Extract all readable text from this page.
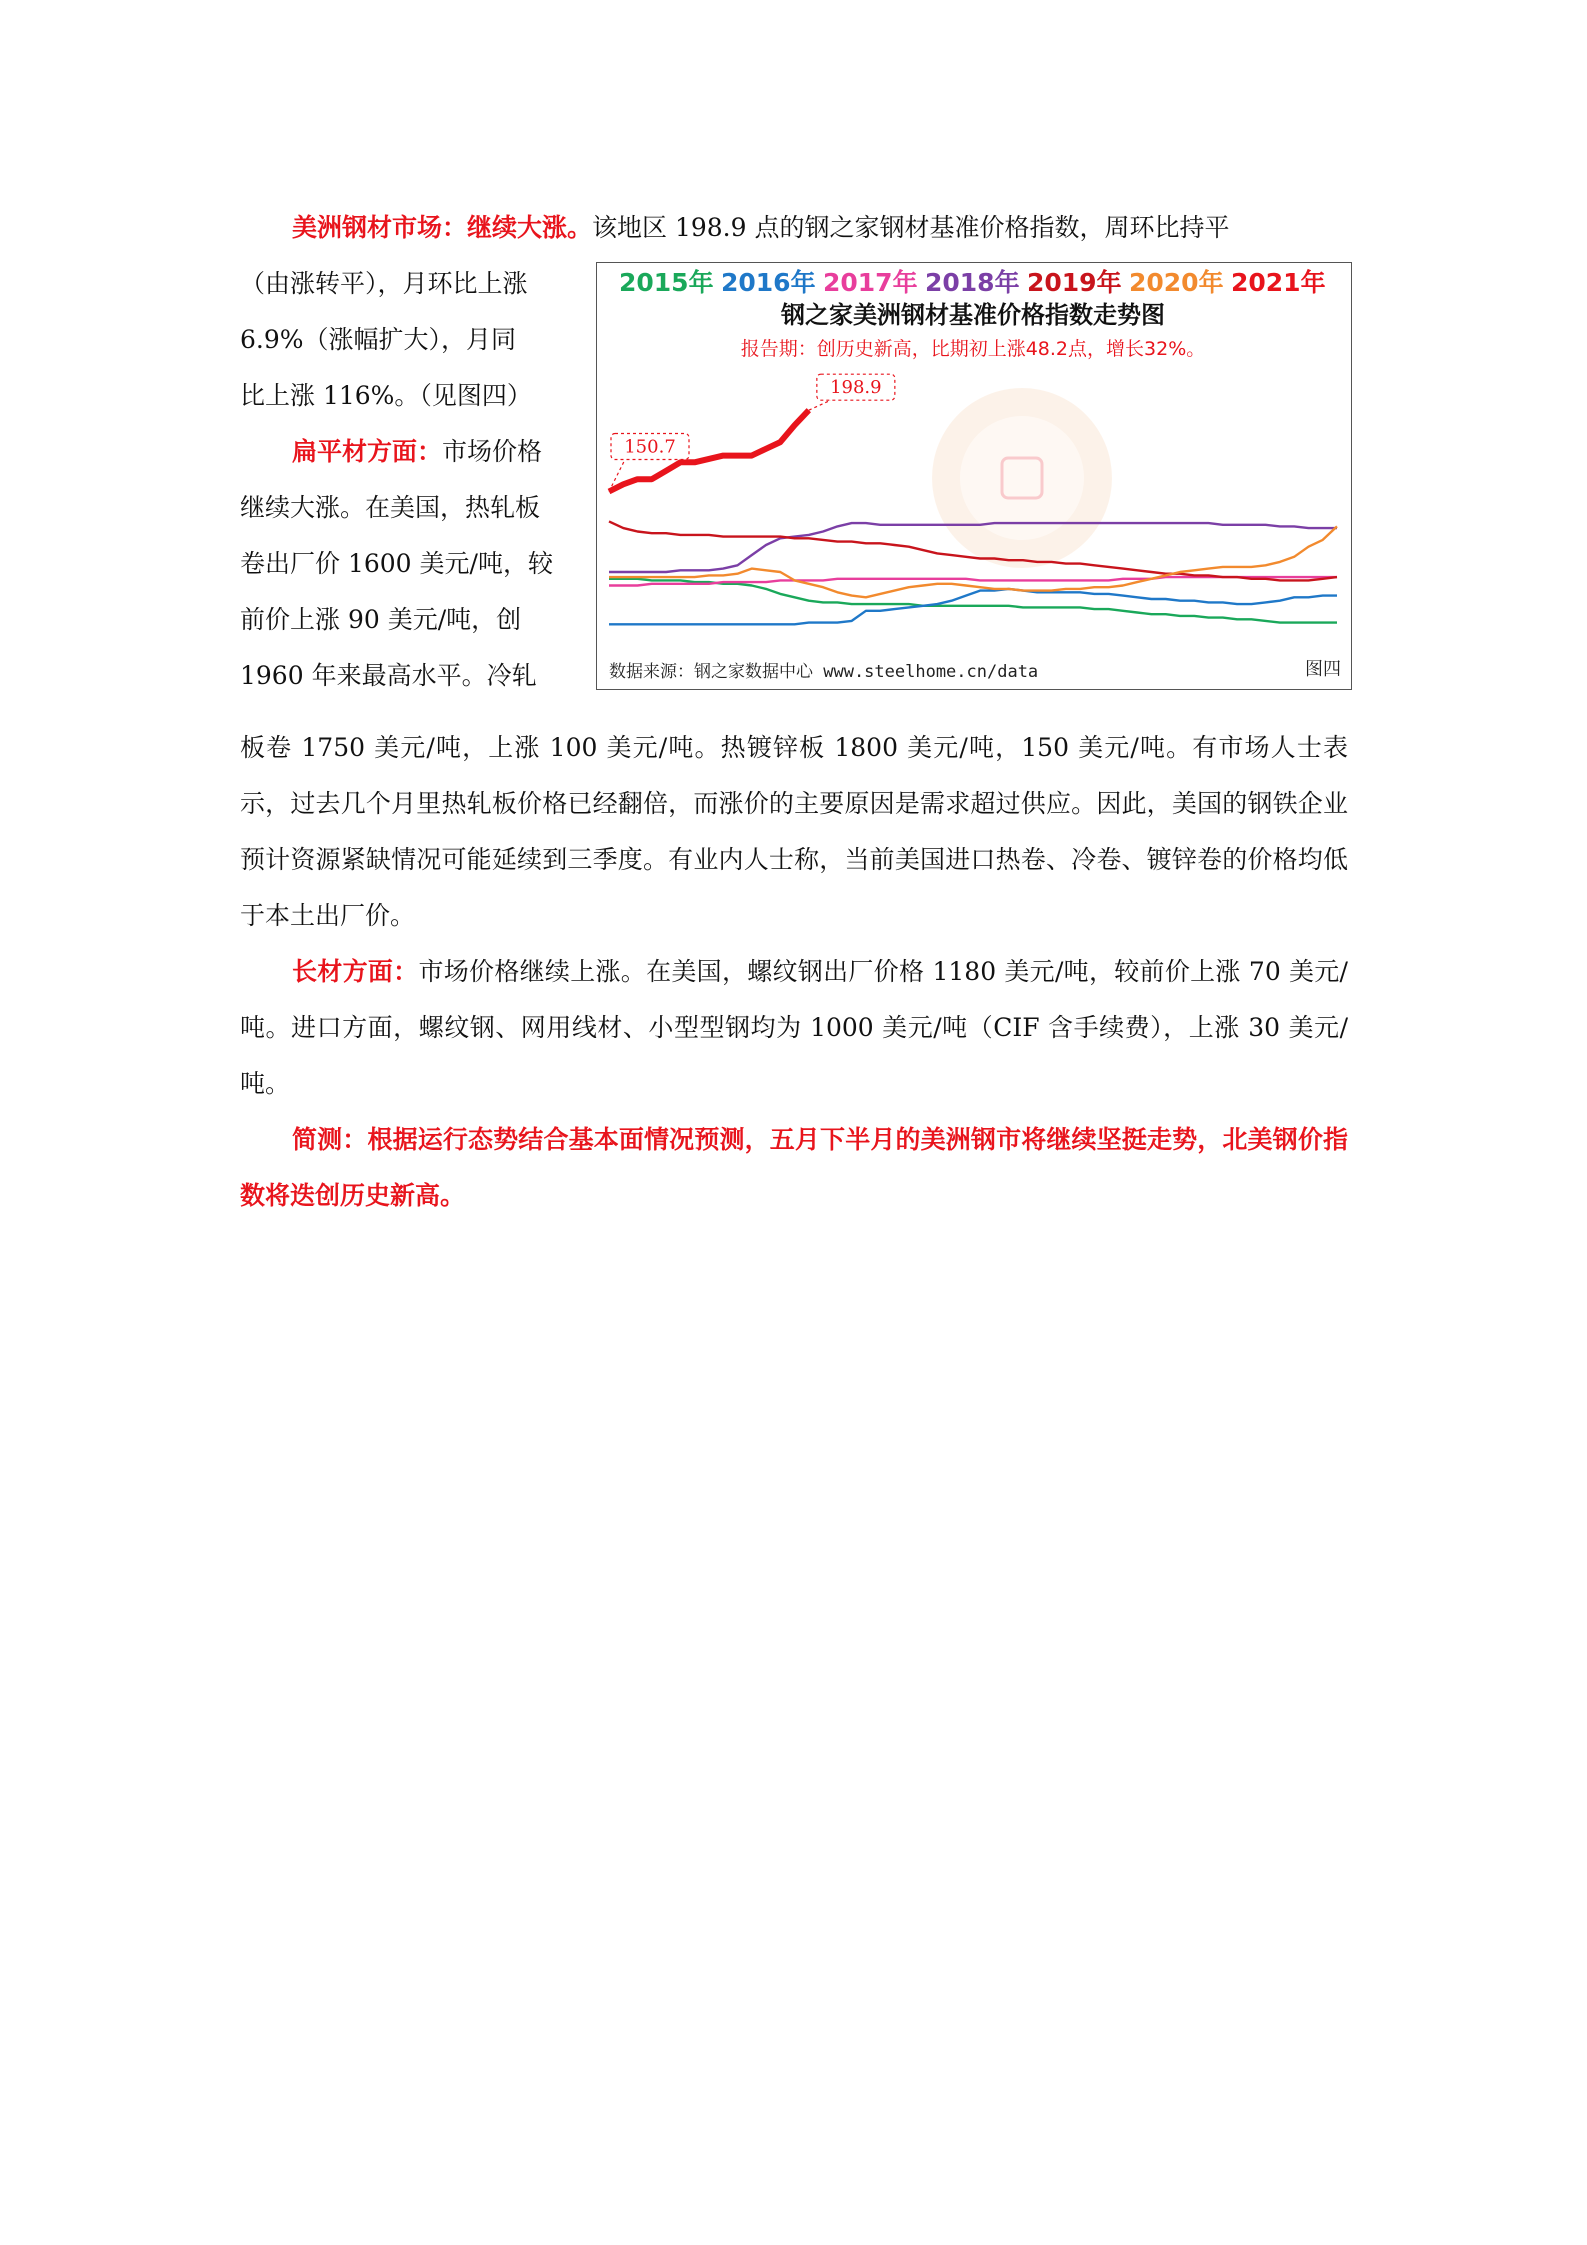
美洲钢材市场：继续大涨。该地区 198.9 点的钢之家钢材基准价格指数，周环比持平

（由涨转平），月环比上涨

6.9%（涨幅扩大），月同

比上涨 116%。（见图四）

扁平材方面：市场价格

继续大涨。在美国，热轧板

卷出厂价 1600 美元/吨，较

前价上涨 90 美元/吨，创

1960 年来最高水平。冷轧

2015年 2016年 2017年 2018年 2019年 2020年 2021年
钢之家美洲钢材基准价格指数走势图
报告期：创历史新高，比期初上涨48.2点，增长32%。
150.7
198.9
数据来源：钢之家数据中心 www.steelhome.cn/data	图四

板卷 1750 美元/吨，上涨 100 美元/吨。热镀锌板 1800 美元/吨，150 美元/吨。有市场人士表示，过去几个月里热轧板价格已经翻倍，而涨价的主要原因是需求超过供应。因此，美国的钢铁企业预计资源紧缺情况可能延续到三季度。有业内人士称，当前美国进口热卷、冷卷、镀锌卷的价格均低于本土出厂价。

长材方面：市场价格继续上涨。在美国，螺纹钢出厂价格 1180 美元/吨，较前价上涨 70 美元/吨。进口方面，螺纹钢、网用线材、小型型钢均为 1000 美元/吨（CIF 含手续费），上涨 30 美元/吨。

简测：根据运行态势结合基本面情况预测，五月下半月的美洲钢市将继续坚挺走势，北美钢价指数将迭创历史新高。
